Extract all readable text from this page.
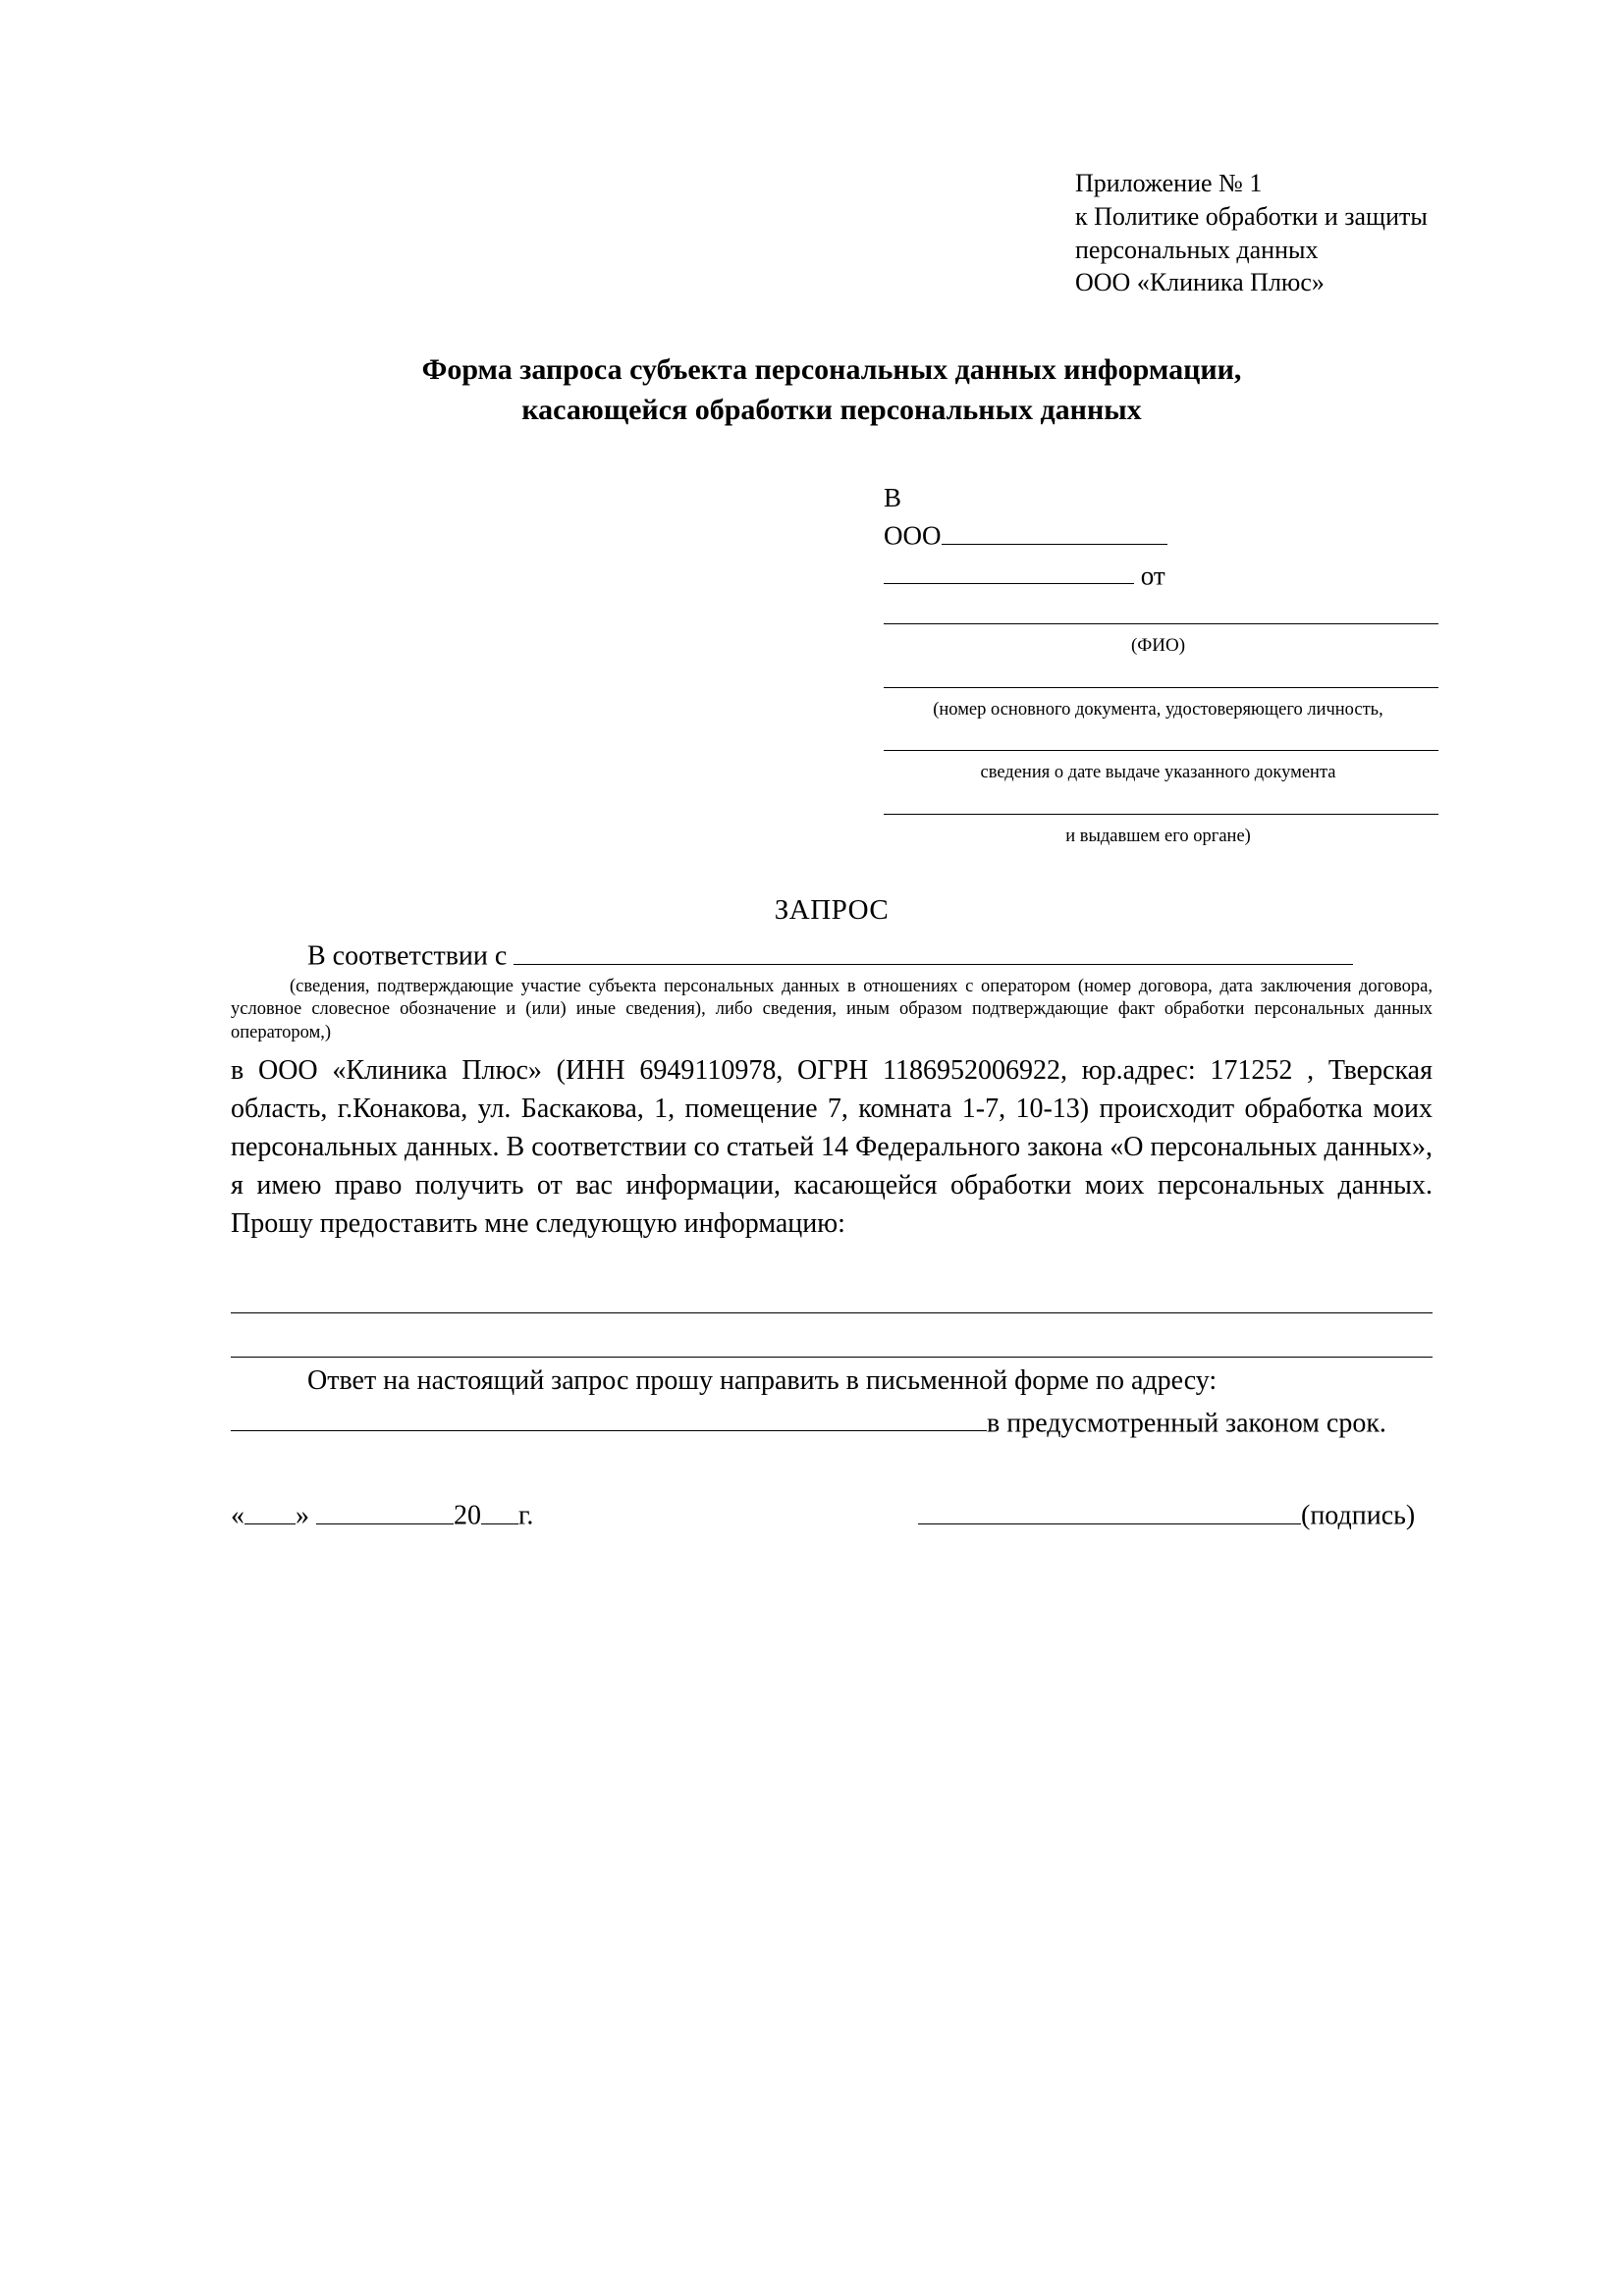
Приложение № 1
к Политике обработки и защиты
персональных данных
ООО «Клиника Плюс»
Форма запроса субъекта персональных данных информации,
касающейся обработки персональных данных
В
ООО
от
(ФИО)
(номер основного документа, удостоверяющего личность,
сведения о дате выдаче указанного документа
и выдавшем его органе)
ЗАПРОС
В соответствии с
(сведения, подтверждающие участие субъекта персональных данных в отношениях с оператором (номер договора, дата заключения договора, условное словесное обозначение и (или) иные сведения), либо сведения, иным образом подтверждающие факт обработки персональных данных оператором,)
в ООО «Клиника Плюс» (ИНН 6949110978, ОГРН 1186952006922, юр.адрес: 171252 , Тверская область, г.Конакова, ул. Баскакова, 1, помещение 7, комната 1-7, 10-13) происходит обработка моих персональных данных. В соответствии со статьей 14 Федерального закона «О персональных данных», я имею право получить от вас информации, касающейся обработки моих персональных данных. Прошу предоставить мне следующую информацию:
Ответ на настоящий запрос прошу направить в письменной форме по адресу:
в предусмотренный законом срок.
« »	20 г.	(подпись)
